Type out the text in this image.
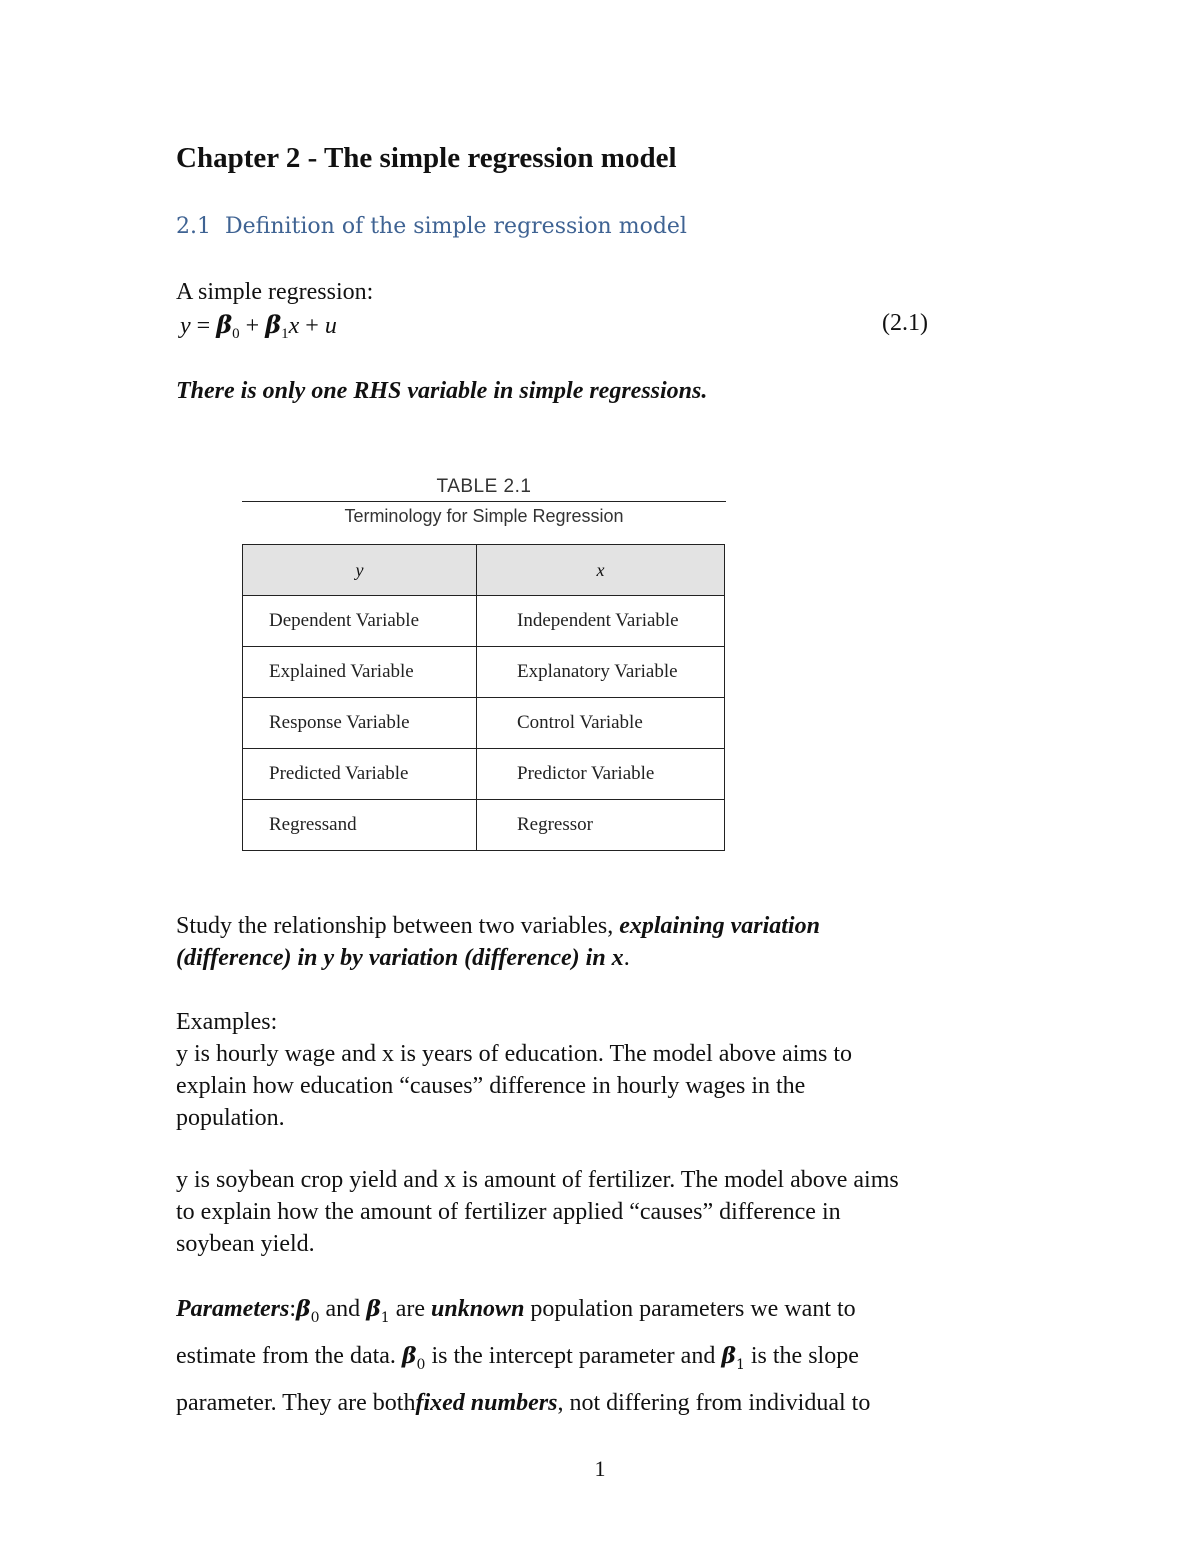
Chapter 2 - The simple regression model
2.1 Definition of the simple regression model
A simple regression:
$y = \beta_0 + \beta_1x + u$	(2.1)
There is only one RHS variable in simple regressions.
TABLE 2.1
Terminology for Simple Regression
y	x
Dependent Variable	Independent Variable
Explained Variable	Explanatory Variable
Response Variable	Control Variable
Predicted Variable	Predictor Variable
Regressand	Regressor
Study the relationship between two variables, explaining variation
(difference) in y by variation (difference) in x.
Examples:
y is hourly wage and x is years of education. The model above aims to
explain how education “causes” difference in hourly wages in the
population.
y is soybean crop yield and x is amount of fertilizer. The model above aims
to explain how the amount of fertilizer applied “causes” difference in
soybean yield.
$Parameters:\beta_0$ and $\beta_1$ are unknown population parameters we want to
estimate from the data. $\beta_0$ is the intercept parameter and $\beta_1$ is the slope
parameter. They are bothfixed numbers, not differing from individual to
1
